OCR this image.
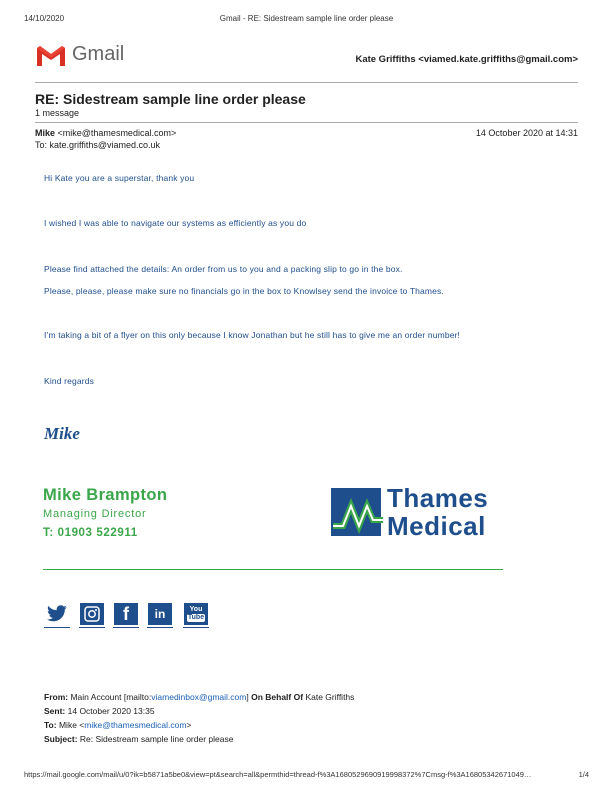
14/10/2020	Gmail - RE: Sidestream sample line order please
Gmail	Kate Griffiths <viamed.kate.griffiths@gmail.com>
RE: Sidestream sample line order please
1 message
Mike <mike@thamesmedical.com>	14 October 2020 at 14:31
To: kate.griffiths@viamed.co.uk
Hi Kate you are a superstar, thank you
I wished I was able to navigate our systems as efficiently as you do
Please find attached the details: An order from us to you and a packing slip to go in the box.
Please, please, please make sure no financials go in the box to Knowlsey send the invoice to Thames.
I’m taking a bit of a flyer on this only because I know Jonathan but he still has to give me an order number!
Kind regards
Mike
Mike Brampton
Managing Director
T: 01903 522911
Thames
Medical
f	in	You
Tube
From: Main Account [mailto:viamedinbox@gmail.com] On Behalf Of Kate Griffiths
Sent: 14 October 2020 13:35
To: Mike <mike@thamesmedical.com>
Subject: Re: Sidestream sample line order please
https://mail.google.com/mail/u/0?ik=b5871a5be0&view=pt&search=all&permthid=thread-f%3A1680529690919998372%7Cmsg-f%3A16805342671049…	1/4
